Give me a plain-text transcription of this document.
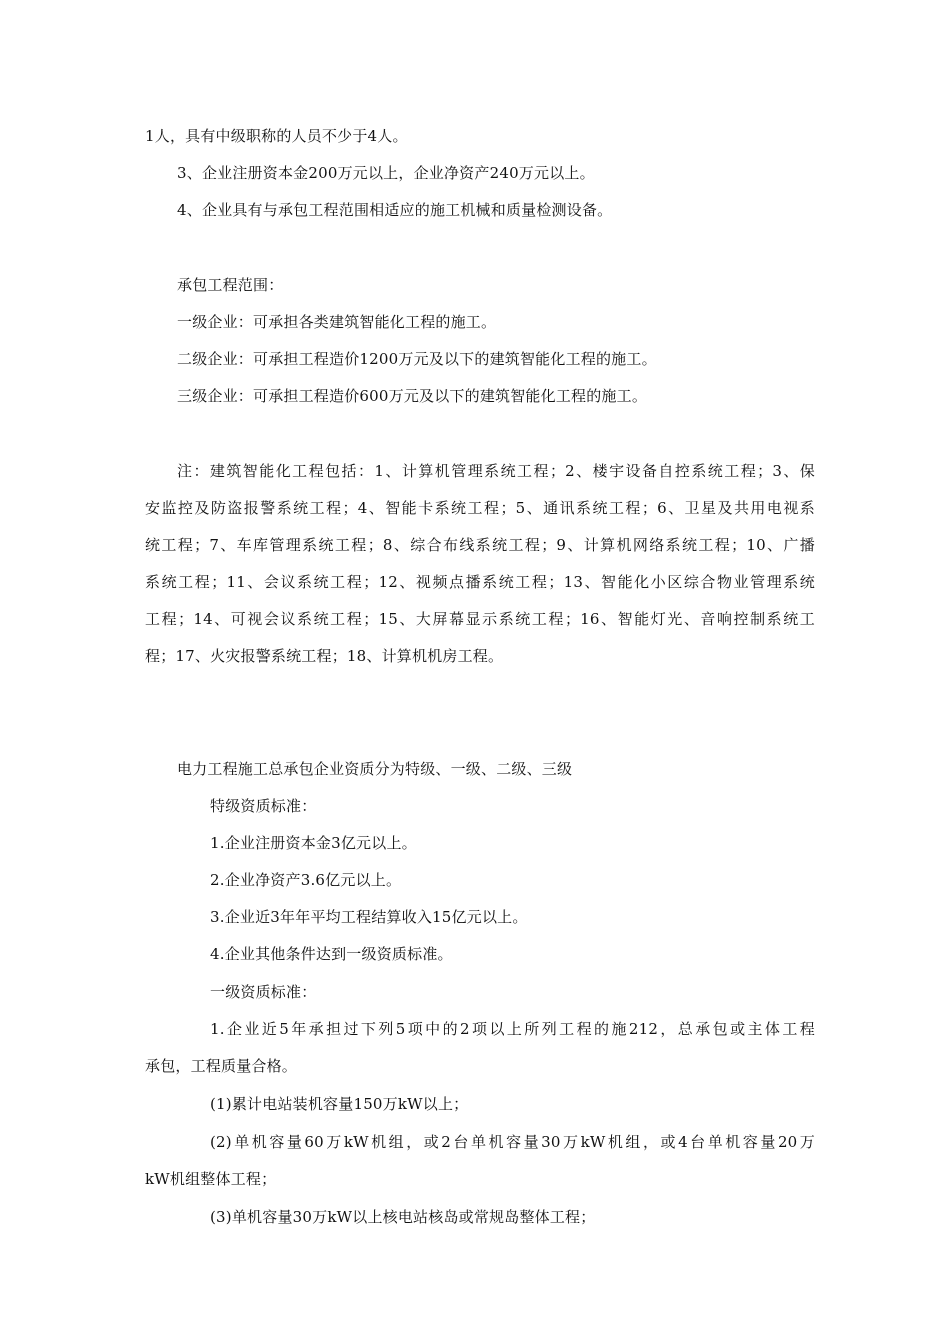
1人，具有中级职称的人员不少于4人。
3、企业注册资本金200万元以上，企业净资产240万元以上。
4、企业具有与承包工程范围相适应的施工机械和质量检测设备。
承包工程范围：
一级企业：可承担各类建筑智能化工程的施工。
二级企业：可承担工程造价1200万元及以下的建筑智能化工程的施工。
三级企业：可承担工程造价600万元及以下的建筑智能化工程的施工。
注：建筑智能化工程包括：1、计算机管理系统工程；2、楼宇设备自控系统工程；3、保
安监控及防盗报警系统工程；4、智能卡系统工程；5、通讯系统工程；6、卫星及共用电视系
统工程；7、车库管理系统工程；8、综合布线系统工程；9、计算机网络系统工程；10、广播
系统工程；11、会议系统工程；12、视频点播系统工程；13、智能化小区综合物业管理系统
工程；14、可视会议系统工程；15、大屏幕显示系统工程；16、智能灯光、音响控制系统工
程；17、火灾报警系统工程；18、计算机机房工程。
电力工程施工总承包企业资质分为特级、一级、二级、三级
特级资质标准：
1.企业注册资本金3亿元以上。
2.企业净资产3.6亿元以上。
3.企业近3年年平均工程结算收入15亿元以上。
4.企业其他条件达到一级资质标准。
一级资质标准：
1.企业近5年承担过下列5项中的2项以上所列工程的施212，总承包或主体工程
承包，工程质量合格。
(1)累计电站装机容量150万kW以上；
(2)单机容量60万kW机组，或2台单机容量30万kW机组，或4台单机容量20万
kW机组整体工程；
(3)单机容量30万kW以上核电站核岛或常规岛整体工程；
